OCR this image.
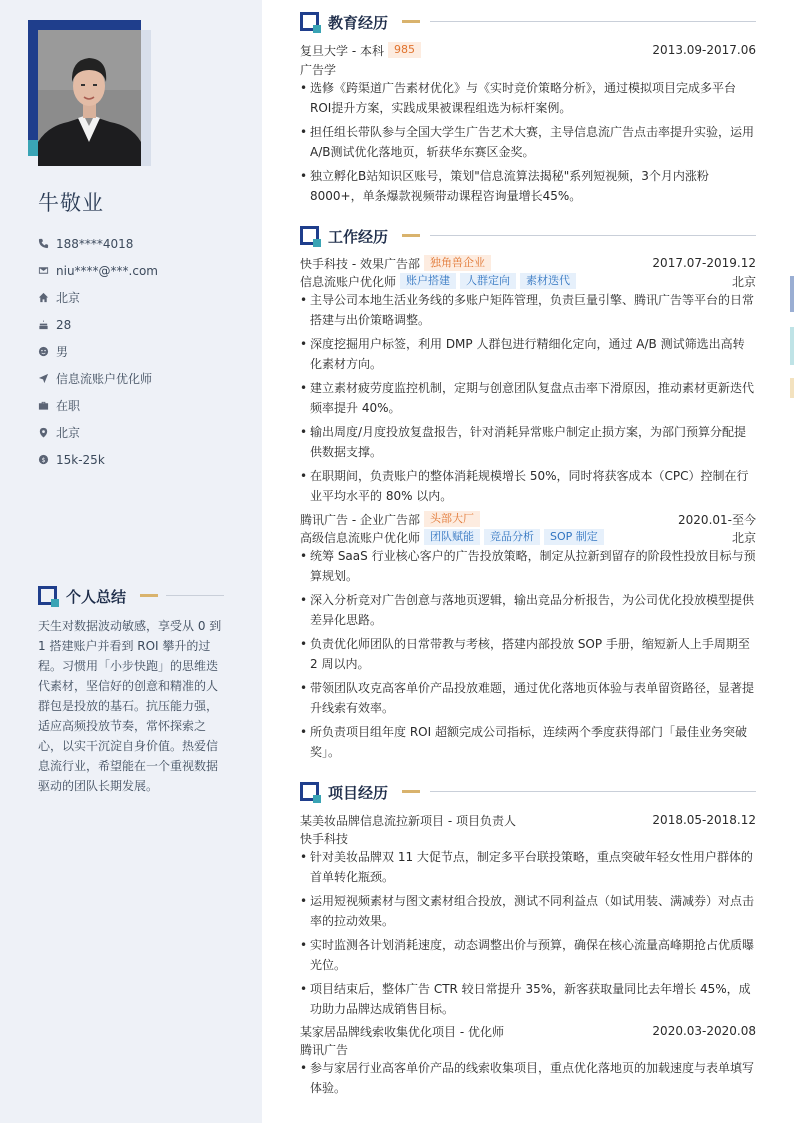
牛敬业
188****4018
niu****@***.com
北京
28
男
信息流账户优化师
在职
北京
$ 15k-25k
个人总结

天生对数据波动敏感，享受从 0 到 1 搭建账户并看到 ROI 攀升的过程。习惯用「小步快跑」的思维迭代素材，坚信好的创意和精准的人群包是投放的基石。抗压能力强，适应高频投放节奏，常怀探索之心，以实干沉淀自身价值。热爱信息流行业，希望能在一个重视数据驱动的团队长期发展。

教育经历
复旦大学 - 本科 985	2013.09-2017.06
广告学
• 选修《跨渠道广告素材优化》与《实时竞价策略分析》，通过模拟项目完成多平台ROI提升方案，实践成果被课程组选为标杆案例。
• 担任组长带队参与全国大学生广告艺术大赛，主导信息流广告点击率提升实验，运用A/B测试优化落地页，斩获华东赛区金奖。
• 独立孵化B站知识区账号，策划"信息流算法揭秘"系列短视频，3个月内涨粉8000+，单条爆款视频带动课程咨询量增长45%。
工作经历
快手科技 - 效果广告部 独角兽企业	2017.07-2019.12
信息流账户优化师 账户搭建	人群定向	素材迭代	北京
• 主导公司本地生活业务线的多账户矩阵管理，负责巨量引擎、腾讯广告等平台的日常搭建与出价策略调整。
• 深度挖掘用户标签，利用 DMP 人群包进行精细化定向，通过 A/B 测试筛选出高转化素材方向。
• 建立素材疲劳度监控机制，定期与创意团队复盘点击率下滑原因，推动素材更新迭代频率提升 40%。
• 输出周度/月度投放复盘报告，针对消耗异常账户制定止损方案，为部门预算分配提供数据支撑。
• 在职期间，负责账户的整体消耗规模增长 50%，同时将获客成本（CPC）控制在行业平均水平的 80% 以内。
腾讯广告 - 企业广告部 头部大厂	2020.01-至今
高级信息流账户优化师 团队赋能	竞品分析	SOP 制定	北京
• 统筹 SaaS 行业核心客户的广告投放策略，制定从拉新到留存的阶段性投放目标与预算规划。
• 深入分析竞对广告创意与落地页逻辑，输出竞品分析报告，为公司优化投放模型提供差异化思路。
• 负责优化师团队的日常带教与考核，搭建内部投放 SOP 手册，缩短新人上手周期至 2 周以内。
• 带领团队攻克高客单价产品投放难题，通过优化落地页体验与表单留资路径，显著提升线索有效率。
• 所负责项目组年度 ROI 超额完成公司指标，连续两个季度获得部门「最佳业务突破奖」。
项目经历
某美妆品牌信息流拉新项目 - 项目负责人	2018.05-2018.12
快手科技
• 针对美妆品牌双 11 大促节点，制定多平台联投策略，重点突破年轻女性用户群体的首单转化瓶颈。
• 运用短视频素材与图文素材组合投放，测试不同利益点（如试用装、满减券）对点击率的拉动效果。
• 实时监测各计划消耗速度，动态调整出价与预算，确保在核心流量高峰期抢占优质曝光位。
• 项目结束后，整体广告 CTR 较日常提升 35%，新客获取量同比去年增长 45%，成功助力品牌达成销售目标。
某家居品牌线索收集优化项目 - 优化师	2020.03-2020.08
腾讯广告
• 参与家居行业高客单价产品的线索收集项目，重点优化落地页的加载速度与表单填写体验。
